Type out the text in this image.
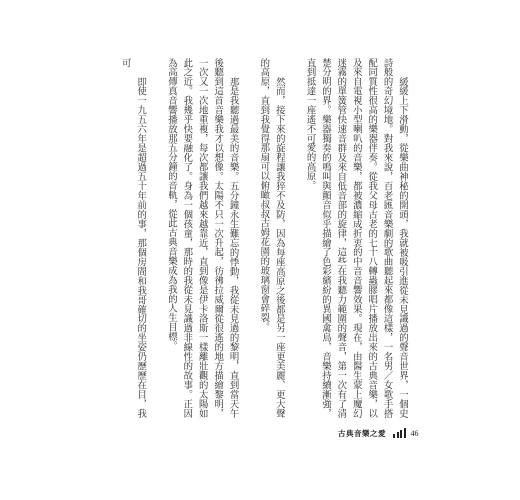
緩緩上下滑動，從樂曲神秘的開頭，我就被吸引進從未見識過的聲音世界，一個史詩般的奇幻境地。對我來說，百老匯音樂劇的歌曲聽起來都像這樣，一名男／女歌手搭配同質性很高的樂器伴奏。從我父母古老的七十八轉蟲膠唱片播放出來的古典音樂，以及來自電視小型喇叭的音樂，都被濃縮成折衷的中音音響效果。現在，由醫生蒙上魔幻迷霧的單簧管快速音群及來自低音部的旋律，這些在我聽力範圍的聲音，第一次有了清楚分明的界。樂器獨奏的鳴叫與顫音似乎描繪了色彩繽紛的異國禽鳥，音樂持續漸強，直到抵達一座遙不可愛的高原。

然而，接下來的旋程讓我猝不及防，因為每座高原之後都是另一座更美麗、更大聲的高原，直到我覺得那扇可以俯瞰叔叔古姆花園的玻璃窗會碎裂。

那是我聽過最美的音樂。五分鐘永生難忘的悸動，我從未見過的黎明，直到當天午後聽到這首音樂我才以想像。太陽不只一次升起，彷彿拉威爾從很遙的地方描繪黎明，一次又一次地重複，每次都讓我們越來越靠近，直到像是伊卡洛斯一樣離壯觀的太陽如此之近。我幾乎快要融化了。身為一個孩童，那時的我從未見識過非線性的故事。正因為高傳真音響播放那五分鐘的音軌，從此古典音樂成為我的人生目標。

即使一九五六年是超過五十年前的事，那個房間和我哥確切的坐姿仍歷歷在目，我可

古典音樂之愛	46
